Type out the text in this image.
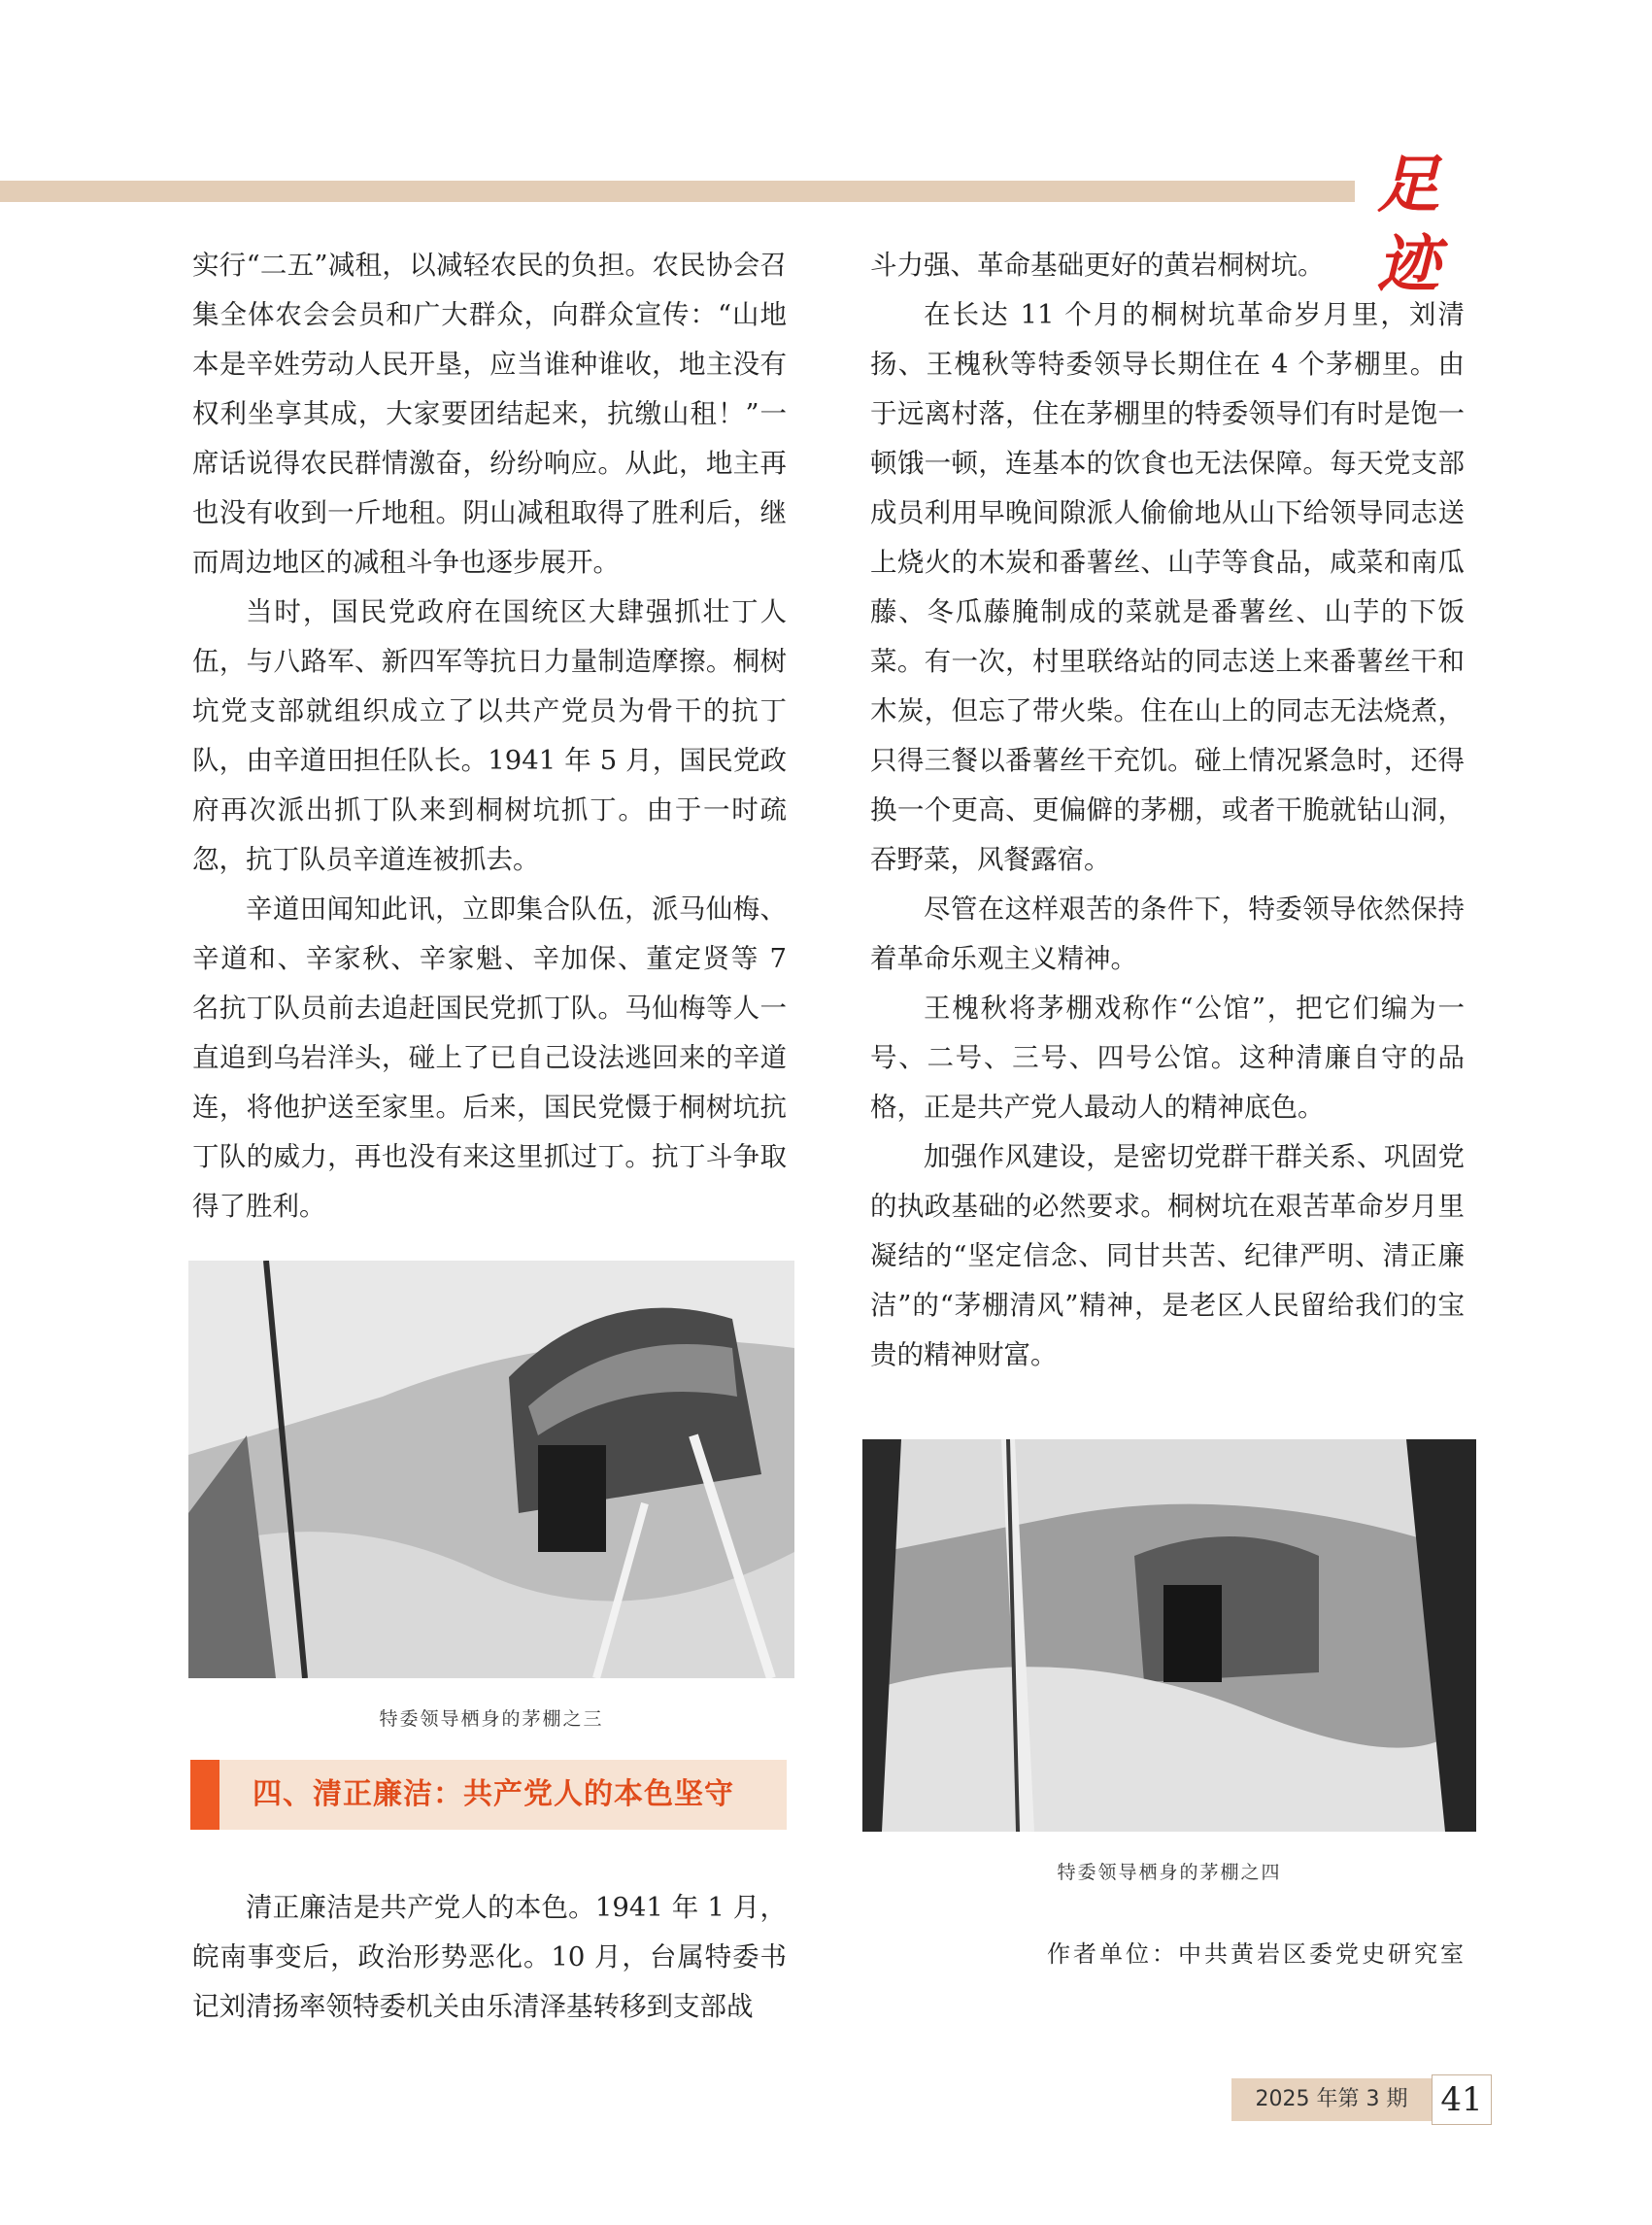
足迹

实行“二五”减租，以减轻农民的负担。农民协会召集全体农会会员和广大群众，向群众宣传：“山地本是辛姓劳动人民开垦，应当谁种谁收，地主没有权利坐享其成，大家要团结起来，抗缴山租！”一席话说得农民群情激奋，纷纷响应。从此，地主再也没有收到一斤地租。阴山减租取得了胜利后，继而周边地区的减租斗争也逐步展开。

当时，国民党政府在国统区大肆强抓壮丁人伍，与八路军、新四军等抗日力量制造摩擦。桐树坑党支部就组织成立了以共产党员为骨干的抗丁队，由辛道田担任队长。1941 年 5 月，国民党政府再次派出抓丁队来到桐树坑抓丁。由于一时疏忽，抗丁队员辛道连被抓去。

辛道田闻知此讯，立即集合队伍，派马仙梅、辛道和、辛家秋、辛家魁、辛加保、董定贤等 7 名抗丁队员前去追赶国民党抓丁队。马仙梅等人一直追到乌岩洋头，碰上了已自己设法逃回来的辛道连，将他护送至家里。后来，国民党慑于桐树坑抗丁队的威力，再也没有来这里抓过丁。抗丁斗争取得了胜利。

特委领导栖身的茅棚之三
四、清正廉洁：共产党人的本色坚守

清正廉洁是共产党人的本色。1941 年 1 月，皖南事变后，政治形势恶化。10 月，台属特委书记刘清扬率领特委机关由乐清泽基转移到支部战

斗力强、革命基础更好的黄岩桐树坑。

在长达 11 个月的桐树坑革命岁月里，刘清扬、王槐秋等特委领导长期住在 4 个茅棚里。由于远离村落，住在茅棚里的特委领导们有时是饱一顿饿一顿，连基本的饮食也无法保障。每天党支部成员利用早晚间隙派人偷偷地从山下给领导同志送上烧火的木炭和番薯丝、山芋等食品，咸菜和南瓜藤、冬瓜藤腌制成的菜就是番薯丝、山芋的下饭菜。有一次，村里联络站的同志送上来番薯丝干和木炭，但忘了带火柴。住在山上的同志无法烧煮，只得三餐以番薯丝干充饥。碰上情况紧急时，还得换一个更高、更偏僻的茅棚，或者干脆就钻山洞，吞野菜，风餐露宿。

尽管在这样艰苦的条件下，特委领导依然保持着革命乐观主义精神。

王槐秋将茅棚戏称作“公馆”，把它们编为一号、二号、三号、四号公馆。这种清廉自守的品格，正是共产党人最动人的精神底色。

加强作风建设，是密切党群干群关系、巩固党的执政基础的必然要求。桐树坑在艰苦革命岁月里凝结的“坚定信念、同甘共苦、纪律严明、清正廉洁”的“茅棚清风”精神，是老区人民留给我们的宝贵的精神财富。

特委领导栖身的茅棚之四
作者单位：中共黄岩区委党史研究室
2025 年第 3 期 41
